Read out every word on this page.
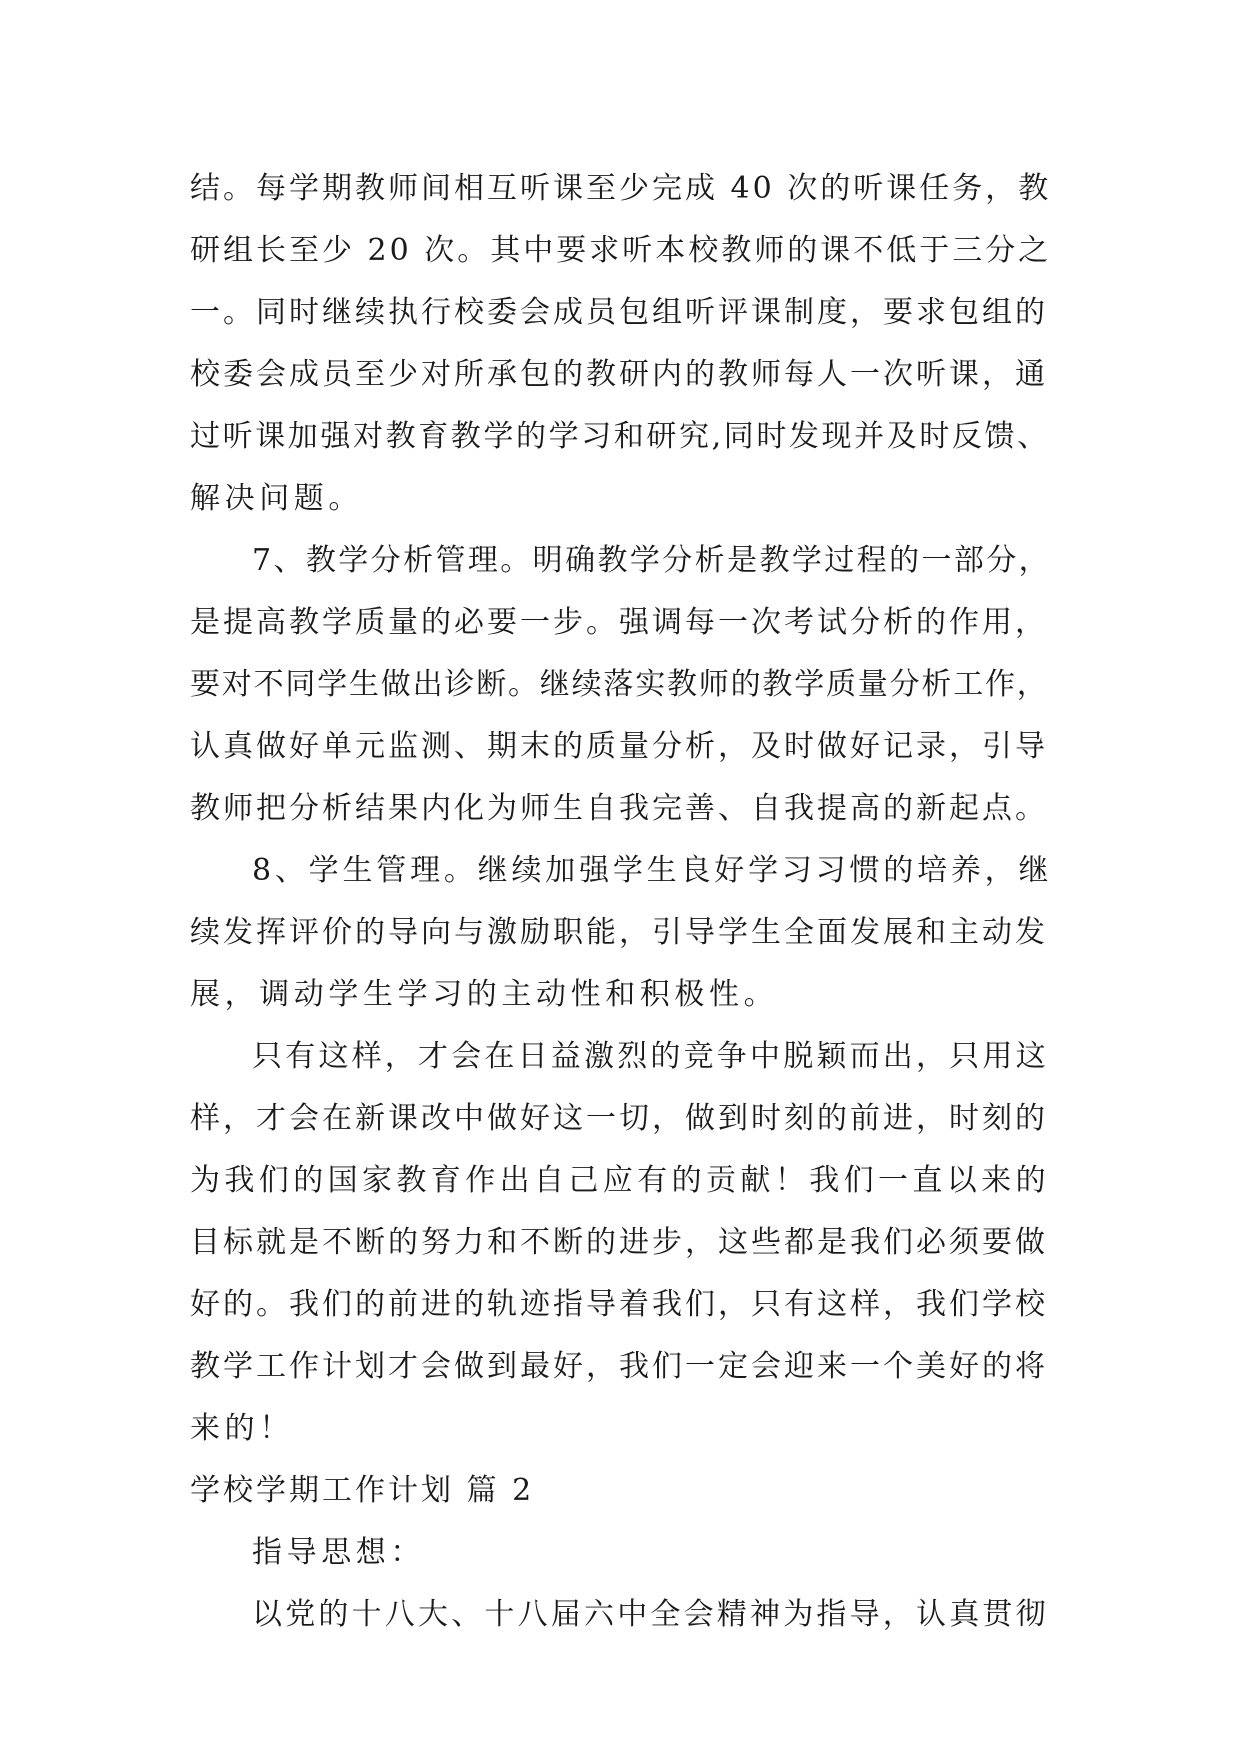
结。每学期教师间相互听课至少完成 40 次的听课任务，教
研组长至少 20 次。其中要求听本校教师的课不低于三分之
一。同时继续执行校委会成员包组听评课制度，要求包组的
校委会成员至少对所承包的教研内的教师每人一次听课，通
过听课加强对教育教学的学习和研究,同时发现并及时反馈、
解决问题。
7、教学分析管理。明确教学分析是教学过程的一部分，
是提高教学质量的必要一步。强调每一次考试分析的作用，
要对不同学生做出诊断。继续落实教师的教学质量分析工作，
认真做好单元监测、期末的质量分析，及时做好记录，引导
教师把分析结果内化为师生自我完善、自我提高的新起点。
8、学生管理。继续加强学生良好学习习惯的培养，继
续发挥评价的导向与激励职能，引导学生全面发展和主动发
展，调动学生学习的主动性和积极性。
只有这样，才会在日益激烈的竞争中脱颖而出，只用这
样，才会在新课改中做好这一切，做到时刻的前进，时刻的
为我们的国家教育作出自己应有的贡献！我们一直以来的
目标就是不断的努力和不断的进步，这些都是我们必须要做
好的。我们的前进的轨迹指导着我们，只有这样，我们学校
教学工作计划才会做到最好，我们一定会迎来一个美好的将
来的！
学校学期工作计划 篇 2
指导思想：
以党的十八大、十八届六中全会精神为指导，认真贯彻
